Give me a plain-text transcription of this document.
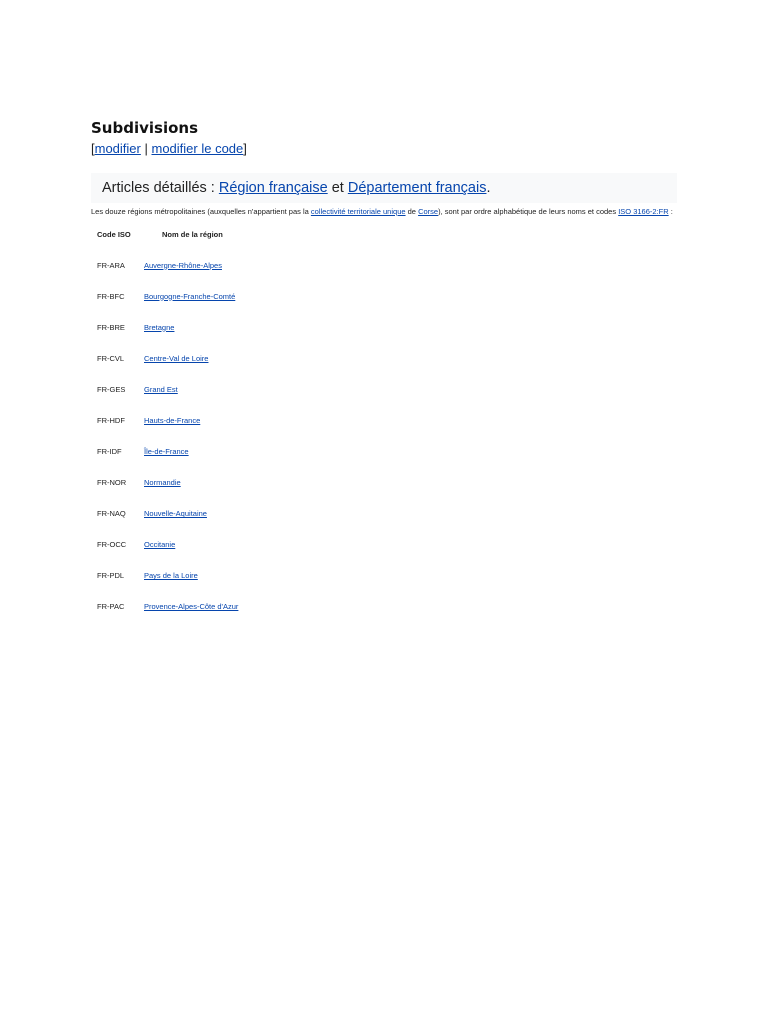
Subdivisions
[modifier | modifier le code]
Articles détaillés : Région française et Département français.

Les douze régions métropolitaines (auxquelles n'appartient pas la collectivité territoriale unique de Corse), sont par ordre alphabétique de leurs noms et codes ISO 3166-2:FR :

Code ISO	Nom de la région
FR-ARA	Auvergne-Rhône-Alpes
FR-BFC	Bourgogne-Franche-Comté
FR-BRE	Bretagne
FR-CVL	Centre-Val de Loire
FR-GES	Grand Est
FR-HDF	Hauts-de-France
FR-IDF	Île-de-France
FR-NOR	Normandie
FR-NAQ	Nouvelle-Aquitaine
FR-OCC	Occitanie
FR-PDL	Pays de la Loire
FR-PAC	Provence-Alpes-Côte d'Azur
